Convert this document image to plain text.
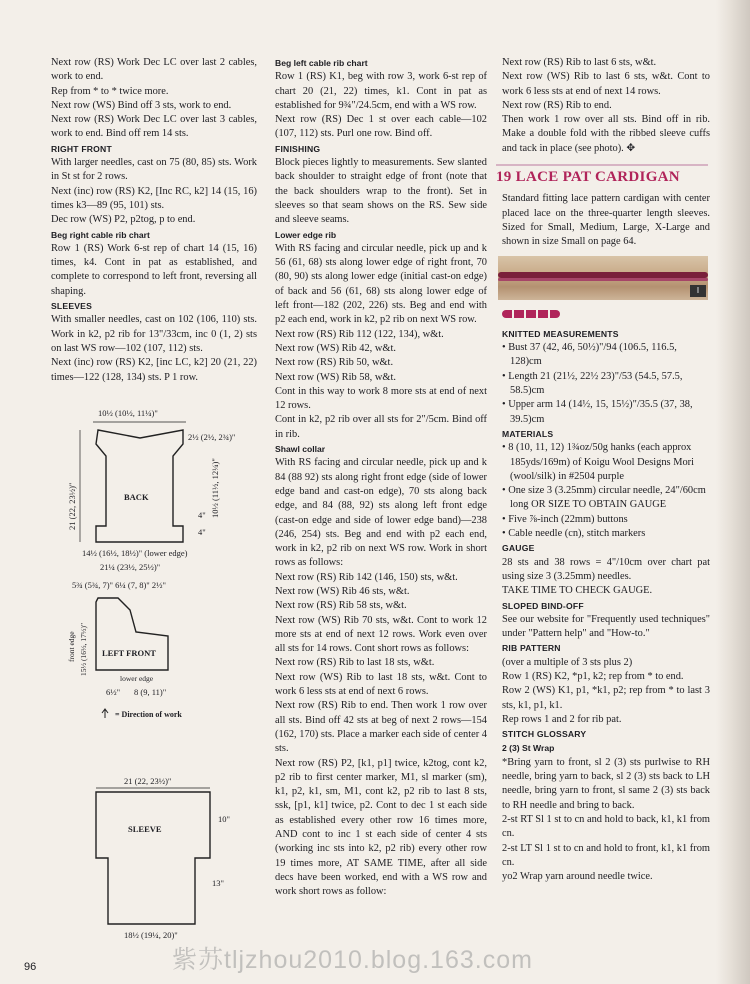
Next row (RS) Work Dec LC over last 2 cables, work to end.

Rep from * to * twice more.

Next row (WS) Bind off 3 sts, work to end.

Next row (RS) Work Dec LC over last 3 cables, work to end. Bind off rem 14 sts.

RIGHT FRONT

With larger needles, cast on 75 (80, 85) sts. Work in St st for 2 rows.

Next (inc) row (RS) K2, [Inc RC, k2] 14 (15, 16) times k3—89 (95, 101) sts.

Dec row (WS) P2, p2tog, p to end.

Beg right cable rib chart

Row 1 (RS) Work 6-st rep of chart 14 (15, 16) times, k4. Cont in pat as established, and complete to correspond to left front, reversing all shaping.

SLEEVES

With smaller needles, cast on 102 (106, 110) sts. Work in k2, p2 rib for 13"/33cm, inc 0 (1, 2) sts on last WS row—102 (107, 112) sts.

Next (inc) row (RS) K2, [inc LC, k2] 20 (21, 22) times—122 (128, 134) sts. P 1 row.

10½ (10½, 11¼)"
BACK
2½ (2½, 2¾)"
10½ (11½, 12¼)"
21 (22, 23½)"	4"
4"
14½ (16½, 18½)" (lower edge)
21¼ (23½, 25½)"
5¾ (5¾, 7)" 6¼ (7, 8)" 2½"
LEFT FRONT
front edge 15½ (16½, 17½)"
lower edge
6½" 8 (9, 11)"
= Direction of work
21 (22, 23½)"
SLEEVE
10"
13"
18½ (19¼, 20)"

Beg left cable rib chart

Row 1 (RS) K1, beg with row 3, work 6-st rep of chart 20 (21, 22) times, k1. Cont in pat as established for 9¾"/24.5cm, end with a WS row.

Next row (RS) Dec 1 st over each cable—102 (107, 112) sts. Purl one row. Bind off.

FINISHING

Block pieces lightly to measurements. Sew slanted back shoulder to straight edge of front (note that the back shoulders wrap to the front). Set in sleeves so that seam shows on the RS. Sew side and sleeve seams.

Lower edge rib

With RS facing and circular needle, pick up and k 56 (61, 68) sts along lower edge of right front, 70 (80, 90) sts along lower edge (initial cast-on edge) of back and 56 (61, 68) sts along lower edge of left front—182 (202, 226) sts. Beg and end with p2 each end, work in k2, p2 rib on next WS row.

Next row (RS) Rib 112 (122, 134), w&t.

Next row (WS) Rib 42, w&t.

Next row (RS) Rib 50, w&t.

Next row (WS) Rib 58, w&t.

Cont in this way to work 8 more sts at end of next 12 rows.

Cont in k2, p2 rib over all sts for 2"/5cm. Bind off in rib.

Shawl collar

With RS facing and circular needle, pick up and k 84 (88 92) sts along right front edge (side of lower edge band and cast-on edge), 70 sts along back edge, and 84 (88, 92) sts along left front edge (cast-on edge and side of lower edge band)—238 (246, 254) sts. Beg and end with p2 each end, work in k2, p2 rib on next WS row. Work in short rows as follows:

Next row (RS) Rib 142 (146, 150) sts, w&t.

Next row (WS) Rib 46 sts, w&t.

Next row (RS) Rib 58 sts, w&t.

Next row (WS) Rib 70 sts, w&t. Cont to work 12 more sts at end of next 12 rows. Work even over all sts for 14 rows. Cont short rows as follows:

Next row (RS) Rib to last 18 sts, w&t.

Next row (WS) Rib to last 18 sts, w&t. Cont to work 6 less sts at end of next 6 rows.

Next row (RS) Rib to end. Then work 1 row over all sts. Bind off 42 sts at beg of next 2 rows—154 (162, 170) sts. Place a marker each side of center 4 sts.

Next row (RS) P2, [k1, p1] twice, k2tog, cont k2, p2 rib to first center marker, M1, sl marker (sm), k1, p2, k1, sm, M1, cont k2, p2 rib to last 8 sts, ssk, [p1, k1] twice, p2. Cont to dec 1 st each side as established every other row 16 times more, AND cont to inc 1 st each side of center 4 sts (working inc sts into k2, p2 rib) every other row 19 times more, AT SAME TIME, after all side decs have been worked, end with a WS row and work short rows as follow:

Next row (RS) Rib to last 6 sts, w&t.

Next row (WS) Rib to last 6 sts, w&t. Cont to work 6 less sts at end of next 14 rows.

Next row (RS) Rib to end.

Then work 1 row over all sts. Bind off in rib. Make a double fold with the ribbed sleeve cuffs and tack in place (see photo). ✥

19 LACE PAT CARDIGAN

Standard fitting lace pattern cardigan with center placed lace on the three-quarter length sleeves. Sized for Small, Medium, Large, X-Large and shown in size Small on page 64.

I

KNITTED MEASUREMENTS

• Bust 37 (42, 46, 50½)"/94 (106.5, 116.5, 128)cm

• Length 21 (21½, 22½ 23)"/53 (54.5, 57.5, 58.5)cm

• Upper arm 14 (14½, 15, 15½)"/35.5 (37, 38, 39.5)cm

MATERIALS

• 8 (10, 11, 12) 1¾oz/50g hanks (each approx 185yds/169m) of Koigu Wool Designs Mori (wool/silk) in #2504 purple

• One size 3 (3.25mm) circular needle, 24"/60cm long OR SIZE TO OBTAIN GAUGE

• Five ⅞-inch (22mm) buttons

• Cable needle (cn), stitch markers

GAUGE

28 sts and 38 rows = 4"/10cm over chart pat using size 3 (3.25mm) needles.

TAKE TIME TO CHECK GAUGE.

SLOPED BIND-OFF

See our website for "Frequently used techniques" under "Pattern help" and "How-to."

RIB PATTERN

(over a multiple of 3 sts plus 2)

Row 1 (RS) K2, *p1, k2; rep from * to end.

Row 2 (WS) K1, p1, *k1, p2; rep from * to last 3 sts, k1, p1, k1.

Rep rows 1 and 2 for rib pat.

STITCH GLOSSARY

2 (3) St Wrap

*Bring yarn to front, sl 2 (3) sts purlwise to RH needle, bring yarn to back, sl 2 (3) sts back to LH needle, bring yarn to front, sl same 2 (3) sts back to RH needle and bring to back.

2-st RT Sl 1 st to cn and hold to back, k1, k1 from cn.

2-st LT Sl 1 st to cn and hold to front, k1, k1 from cn.

yo2 Wrap yarn around needle twice.

紫苏tljzhou2010.blog.163.com
96
